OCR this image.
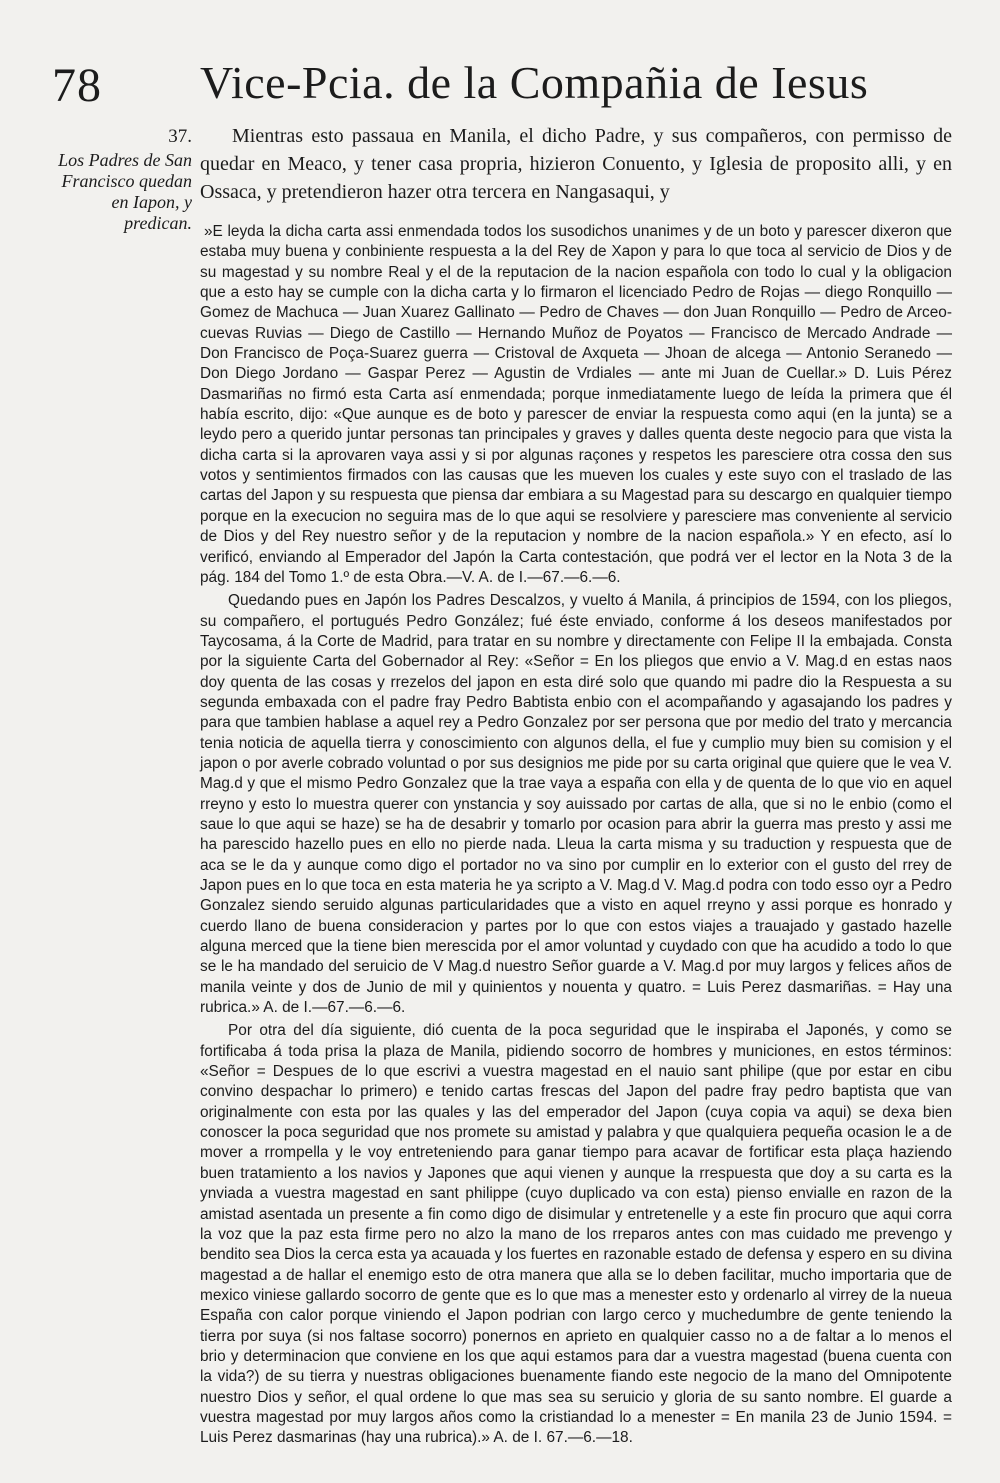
78 Vice-Pcia. de la Compañia de Iesus
37.
Los Padres de San Francisco quedan en Iapon, y predican.

Mientras esto passaua en Manila, el dicho Padre, y sus compañeros, con permisso de quedar en Meaco, y tener casa propria, hizieron Conuento, y Iglesia de proposito alli, y en Ossaca, y pretendieron hazer otra tercera en Nangasaqui, y

»E leyda la dicha carta assi enmendada todos los susodichos unanimes y de un boto y parescer dixeron que estaba muy buena y conbiniente respuesta a la del Rey de Xapon y para lo que toca al servicio de Dios y de su magestad y su nombre Real y el de la reputacion de la nacion española con todo lo cual y la obligacion que a esto hay se cumple con la dicha carta y lo firmaron el licenciado Pedro de Rojas — diego Ronquillo — Gomez de Machuca — Juan Xuarez Gallinato — Pedro de Chaves — don Juan Ronquillo — Pedro de Arceo-cuevas Ruvias — Diego de Castillo — Hernando Muñoz de Poyatos — Francisco de Mercado Andrade — Don Francisco de Poça-Suarez guerra — Cristoval de Axqueta — Jhoan de alcega — Antonio Seranedo — Don Diego Jordano — Gaspar Perez — Agustin de Vrdiales — ante mi Juan de Cuellar.» D. Luis Pérez Dasmariñas no firmó esta Carta así enmendada; porque inmediatamente luego de leída la primera que él había escrito, dijo: «Que aunque es de boto y parescer de enviar la respuesta como aqui (en la junta) se a leydo pero a querido juntar personas tan principales y graves y dalles quenta deste negocio para que vista la dicha carta si la aprovaren vaya assi y si por algunas raçones y respetos les paresciere otra cossa den sus votos y sentimientos firmados con las causas que les mueven los cuales y este suyo con el traslado de las cartas del Japon y su respuesta que piensa dar embiara a su Magestad para su descargo en qualquier tiempo porque en la execucion no seguira mas de lo que aqui se resolviere y paresciere mas conveniente al servicio de Dios y del Rey nuestro señor y de la reputacion y nombre de la nacion española.» Y en efecto, así lo verificó, enviando al Emperador del Japón la Carta contestación, que podrá ver el lector en la Nota 3 de la pág. 184 del Tomo 1.º de esta Obra.—V. A. de I.—67.—6.—6.

Quedando pues en Japón los Padres Descalzos, y vuelto á Manila, á principios de 1594, con los pliegos, su compañero, el portugués Pedro González; fué éste enviado, conforme á los deseos manifestados por Taycosama, á la Corte de Madrid, para tratar en su nombre y directamente con Felipe II la embajada. Consta por la siguiente Carta del Gobernador al Rey: «Señor = En los pliegos que envio a V. Mag.d en estas naos doy quenta de las cosas y rrezelos del japon en esta diré solo que quando mi padre dio la Respuesta a su segunda embaxada con el padre fray Pedro Babtista enbio con el acompañando y agasajando los padres y para que tambien hablase a aquel rey a Pedro Gonzalez por ser persona que por medio del trato y mercancia tenia noticia de aquella tierra y conoscimiento con algunos della, el fue y cumplio muy bien su comision y el japon o por averle cobrado voluntad o por sus designios me pide por su carta original que quiere que le vea V. Mag.d y que el mismo Pedro Gonzalez que la trae vaya a españa con ella y de quenta de lo que vio en aquel rreyno y esto lo muestra querer con ynstancia y soy auissado por cartas de alla, que si no le enbio (como el saue lo que aqui se haze) se ha de desabrir y tomarlo por ocasion para abrir la guerra mas presto y assi me ha parescido hazello pues en ello no pierde nada. Lleua la carta misma y su traduction y respuesta que de aca se le da y aunque como digo el portador no va sino por cumplir en lo exterior con el gusto del rrey de Japon pues en lo que toca en esta materia he ya scripto a V. Mag.d V. Mag.d podra con todo esso oyr a Pedro Gonzalez siendo seruido algunas particularidades que a visto en aquel rreyno y assi porque es honrado y cuerdo llano de buena consideracion y partes por lo que con estos viajes a trauajado y gastado hazelle alguna merced que la tiene bien merescida por el amor voluntad y cuydado con que ha acudido a todo lo que se le ha mandado del seruicio de V Mag.d nuestro Señor guarde a V. Mag.d por muy largos y felices años de manila veinte y dos de Junio de mil y quinientos y nouenta y quatro. = Luis Perez dasmariñas. = Hay una rubrica.» A. de I.—67.—6.—6.

Por otra del día siguiente, dió cuenta de la poca seguridad que le inspiraba el Japonés, y como se fortificaba á toda prisa la plaza de Manila, pidiendo socorro de hombres y municiones, en estos términos: «Señor = Despues de lo que escrivi a vuestra magestad en el nauio sant philipe (que por estar en cibu convino despachar lo primero) e tenido cartas frescas del Japon del padre fray pedro baptista que van originalmente con esta por las quales y las del emperador del Japon (cuya copia va aqui) se dexa bien conoscer la poca seguridad que nos promete su amistad y palabra y que qualquiera pequeña ocasion le a de mover a rrompella y le voy entreteniendo para ganar tiempo para acavar de fortificar esta plaça haziendo buen tratamiento a los navios y Japones que aqui vienen y aunque la rrespuesta que doy a su carta es la ynviada a vuestra magestad en sant philippe (cuyo duplicado va con esta) pienso envialle en razon de la amistad asentada un presente a fin como digo de disimular y entretenelle y a este fin procuro que aqui corra la voz que la paz esta firme pero no alzo la mano de los rreparos antes con mas cuidado me prevengo y bendito sea Dios la cerca esta ya acauada y los fuertes en razonable estado de defensa y espero en su divina magestad a de hallar el enemigo esto de otra manera que alla se lo deben facilitar, mucho importaria que de mexico viniese gallardo socorro de gente que es lo que mas a menester esto y ordenarlo al virrey de la nueua España con calor porque viniendo el Japon podrian con largo cerco y muchedumbre de gente teniendo la tierra por suya (si nos faltase socorro) ponernos en aprieto en qualquier casso no a de faltar a lo menos el brio y determinacion que conviene en los que aqui estamos para dar a vuestra magestad (buena cuenta con la vida?) de su tierra y nuestras obligaciones buenamente fiando este negocio de la mano del Omnipotente nuestro Dios y señor, el qual ordene lo que mas sea su seruicio y gloria de su santo nombre. El guarde a vuestra magestad por muy largos años como la cristiandad lo a menester = En manila 23 de Junio 1594. = Luis Perez dasmarinas (hay una rubrica).» A. de I. 67.—6.—18.
